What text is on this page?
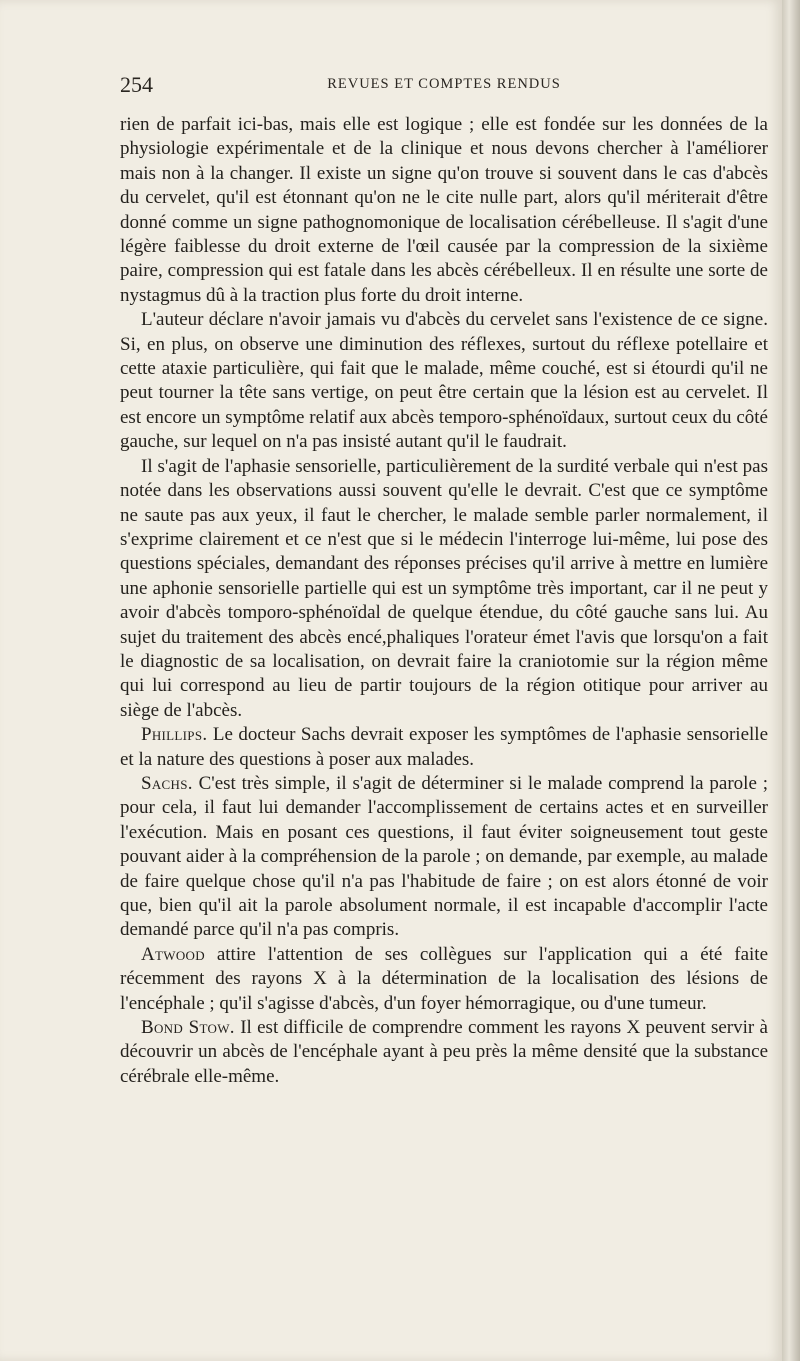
254	REVUES ET COMPTES RENDUS

rien de parfait ici-bas, mais elle est logique ; elle est fondée sur les données de la physiologie expérimentale et de la clinique et nous devons chercher à l'améliorer mais non à la changer. Il existe un signe qu'on trouve si souvent dans le cas d'abcès du cervelet, qu'il est étonnant qu'on ne le cite nulle part, alors qu'il mériterait d'être donné comme un signe pathognomonique de localisation cérébelleuse. Il s'agit d'une légère faiblesse du droit externe de l'œil causée par la compression de la sixième paire, compression qui est fatale dans les abcès cérébelleux. Il en résulte une sorte de nystagmus dû à la traction plus forte du droit interne.

L'auteur déclare n'avoir jamais vu d'abcès du cervelet sans l'existence de ce signe. Si, en plus, on observe une diminution des réflexes, surtout du réflexe potellaire et cette ataxie particulière, qui fait que le malade, même couché, est si étourdi qu'il ne peut tourner la tête sans vertige, on peut être certain que la lésion est au cervelet. Il est encore un symptôme relatif aux abcès temporo-sphénoïdaux, surtout ceux du côté gauche, sur lequel on n'a pas insisté autant qu'il le faudrait.

Il s'agit de l'aphasie sensorielle, particulièrement de la surdité verbale qui n'est pas notée dans les observations aussi souvent qu'elle le devrait. C'est que ce symptôme ne saute pas aux yeux, il faut le chercher, le malade semble parler normalement, il s'exprime clairement et ce n'est que si le médecin l'interroge lui-même, lui pose des questions spéciales, demandant des réponses précises qu'il arrive à mettre en lumière une aphonie sensorielle partielle qui est un symptôme très important, car il ne peut y avoir d'abcès tomporo-sphénoïdal de quelque étendue, du côté gauche sans lui. Au sujet du traitement des abcès encé,phaliques l'orateur émet l'avis que lorsqu'on a fait le diagnostic de sa localisation, on devrait faire la craniotomie sur la région même qui lui correspond au lieu de partir toujours de la région otitique pour arriver au siège de l'abcès.

Phillips. Le docteur Sachs devrait exposer les symptômes de l'aphasie sensorielle et la nature des questions à poser aux malades.

Sachs. C'est très simple, il s'agit de déterminer si le malade comprend la parole ; pour cela, il faut lui demander l'accomplissement de certains actes et en surveiller l'exécution. Mais en posant ces questions, il faut éviter soigneusement tout geste pouvant aider à la compréhension de la parole ; on demande, par exemple, au malade de faire quelque chose qu'il n'a pas l'habitude de faire ; on est alors étonné de voir que, bien qu'il ait la parole absolument normale, il est incapable d'accomplir l'acte demandé parce qu'il n'a pas compris.

Atwood attire l'attention de ses collègues sur l'application qui a été faite récemment des rayons X à la détermination de la localisation des lésions de l'encéphale ; qu'il s'agisse d'abcès, d'un foyer hémorragique, ou d'une tumeur.

Bond Stow. Il est difficile de comprendre comment les rayons X peuvent servir à découvrir un abcès de l'encéphale ayant à peu près la même densité que la substance cérébrale elle-même.
